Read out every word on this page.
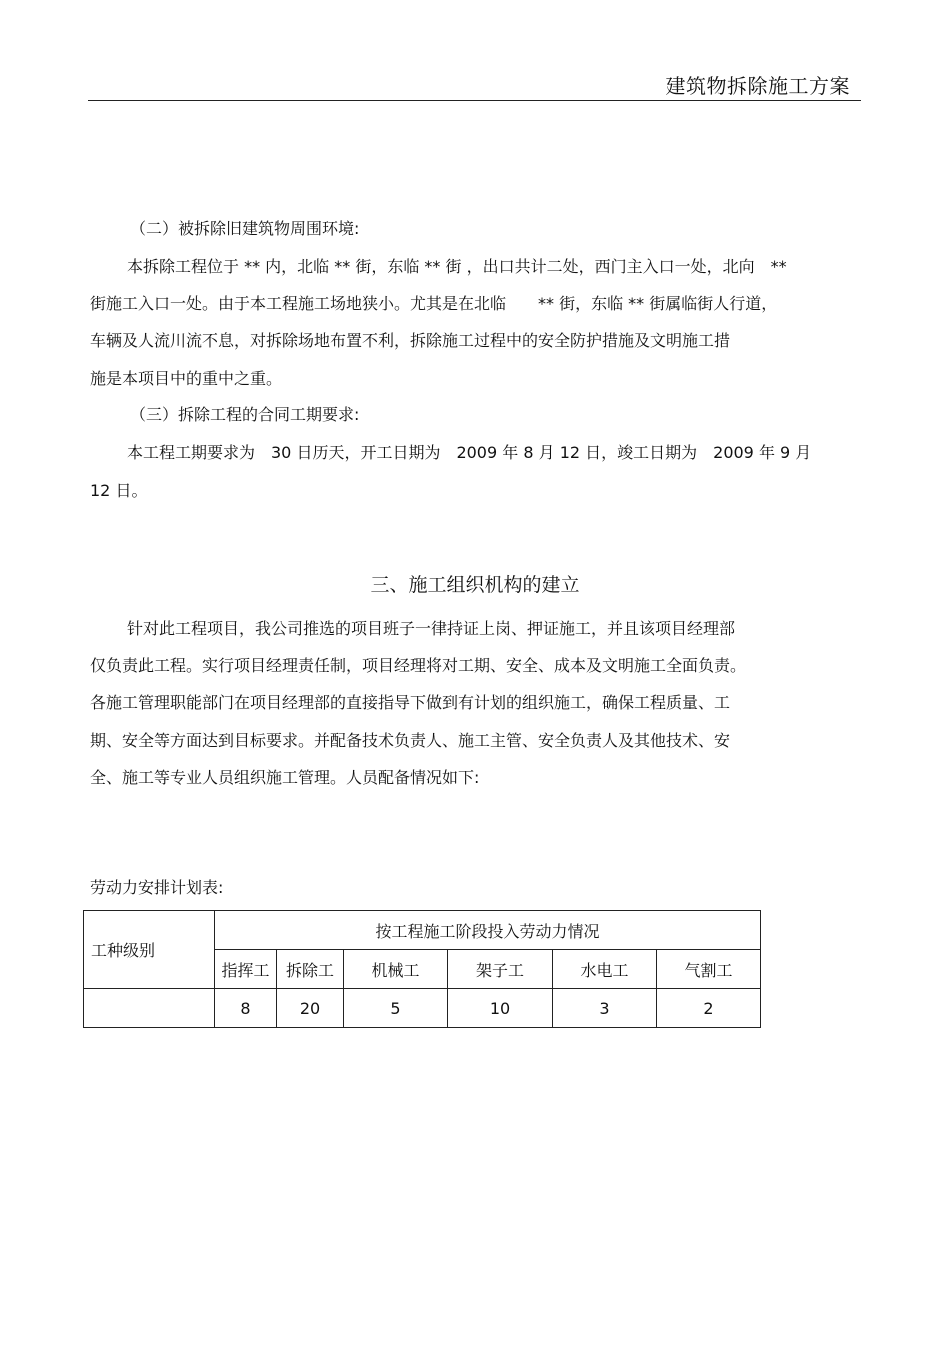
建筑物拆除施工方案
（二）被拆除旧建筑物周围环境:
本拆除工程位于 ** 内，北临 ** 街，东临 ** 街 ，出口共计二处，西门主入口一处，北向　**
街施工入口一处。由于本工程施工场地狭小。尤其是在北临　　** 街，东临 ** 街属临街人行道，
车辆及人流川流不息，对拆除场地布置不利，拆除施工过程中的安全防护措施及文明施工措
施是本项目中的重中之重。
（三）拆除工程的合同工期要求:
本工程工期要求为　30 日历天，开工日期为　2009 年 8 月 12 日，竣工日期为　2009 年 9 月
12 日。
三、施工组织机构的建立
针对此工程项目，我公司推选的项目班子一律持证上岗、押证施工，并且该项目经理部
仅负责此工程。实行项目经理责任制，项目经理将对工期、安全、成本及文明施工全面负责。
各施工管理职能部门在项目经理部的直接指导下做到有计划的组织施工，确保工程质量、工
期、安全等方面达到目标要求。并配备技术负责人、施工主管、安全负责人及其他技术、安
全、施工等专业人员组织施工管理。人员配备情况如下:
劳动力安排计划表:
工种级别	按工程施工阶段投入劳动力情况					
	指挥工	拆除工	机械工	架子工	水电工	气割工
	8	20	5	10	3	2
